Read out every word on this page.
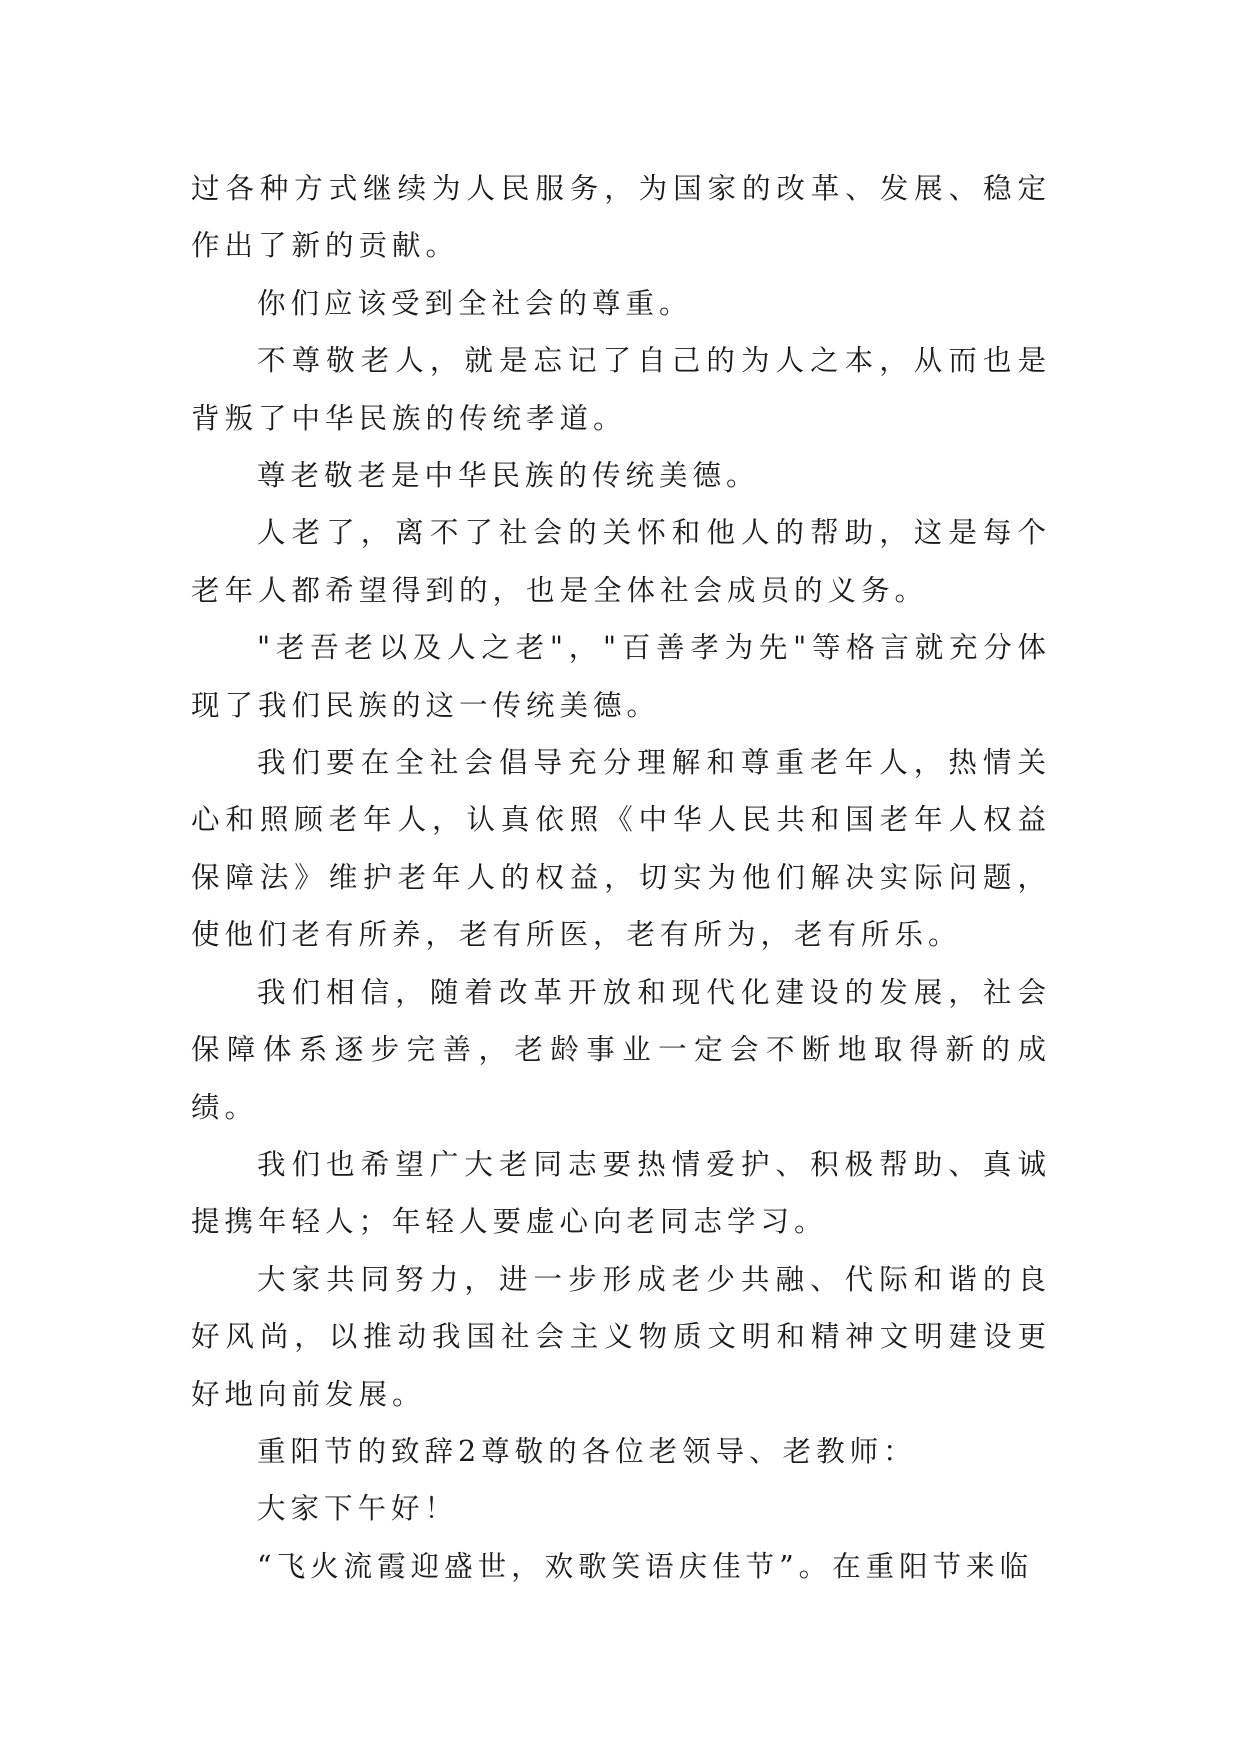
过各种方式继续为人民服务，为国家的改革、发展、稳定作出了新的贡献。

你们应该受到全社会的尊重。

不尊敬老人，就是忘记了自己的为人之本，从而也是背叛了中华民族的传统孝道。

尊老敬老是中华民族的传统美德。

人老了，离不了社会的关怀和他人的帮助，这是每个老年人都希望得到的，也是全体社会成员的义务。

"老吾老以及人之老"，"百善孝为先"等格言就充分体现了我们民族的这一传统美德。

我们要在全社会倡导充分理解和尊重老年人，热情关心和照顾老年人，认真依照《中华人民共和国老年人权益保障法》维护老年人的权益，切实为他们解决实际问题，使他们老有所养，老有所医，老有所为，老有所乐。

我们相信，随着改革开放和现代化建设的发展，社会保障体系逐步完善，老龄事业一定会不断地取得新的成绩。

我们也希望广大老同志要热情爱护、积极帮助、真诚提携年轻人；年轻人要虚心向老同志学习。

大家共同努力，进一步形成老少共融、代际和谐的良好风尚，以推动我国社会主义物质文明和精神文明建设更好地向前发展。

重阳节的致辞2尊敬的各位老领导、老教师：

大家下午好！

“飞火流霞迎盛世，欢歌笑语庆佳节”。在重阳节来临
